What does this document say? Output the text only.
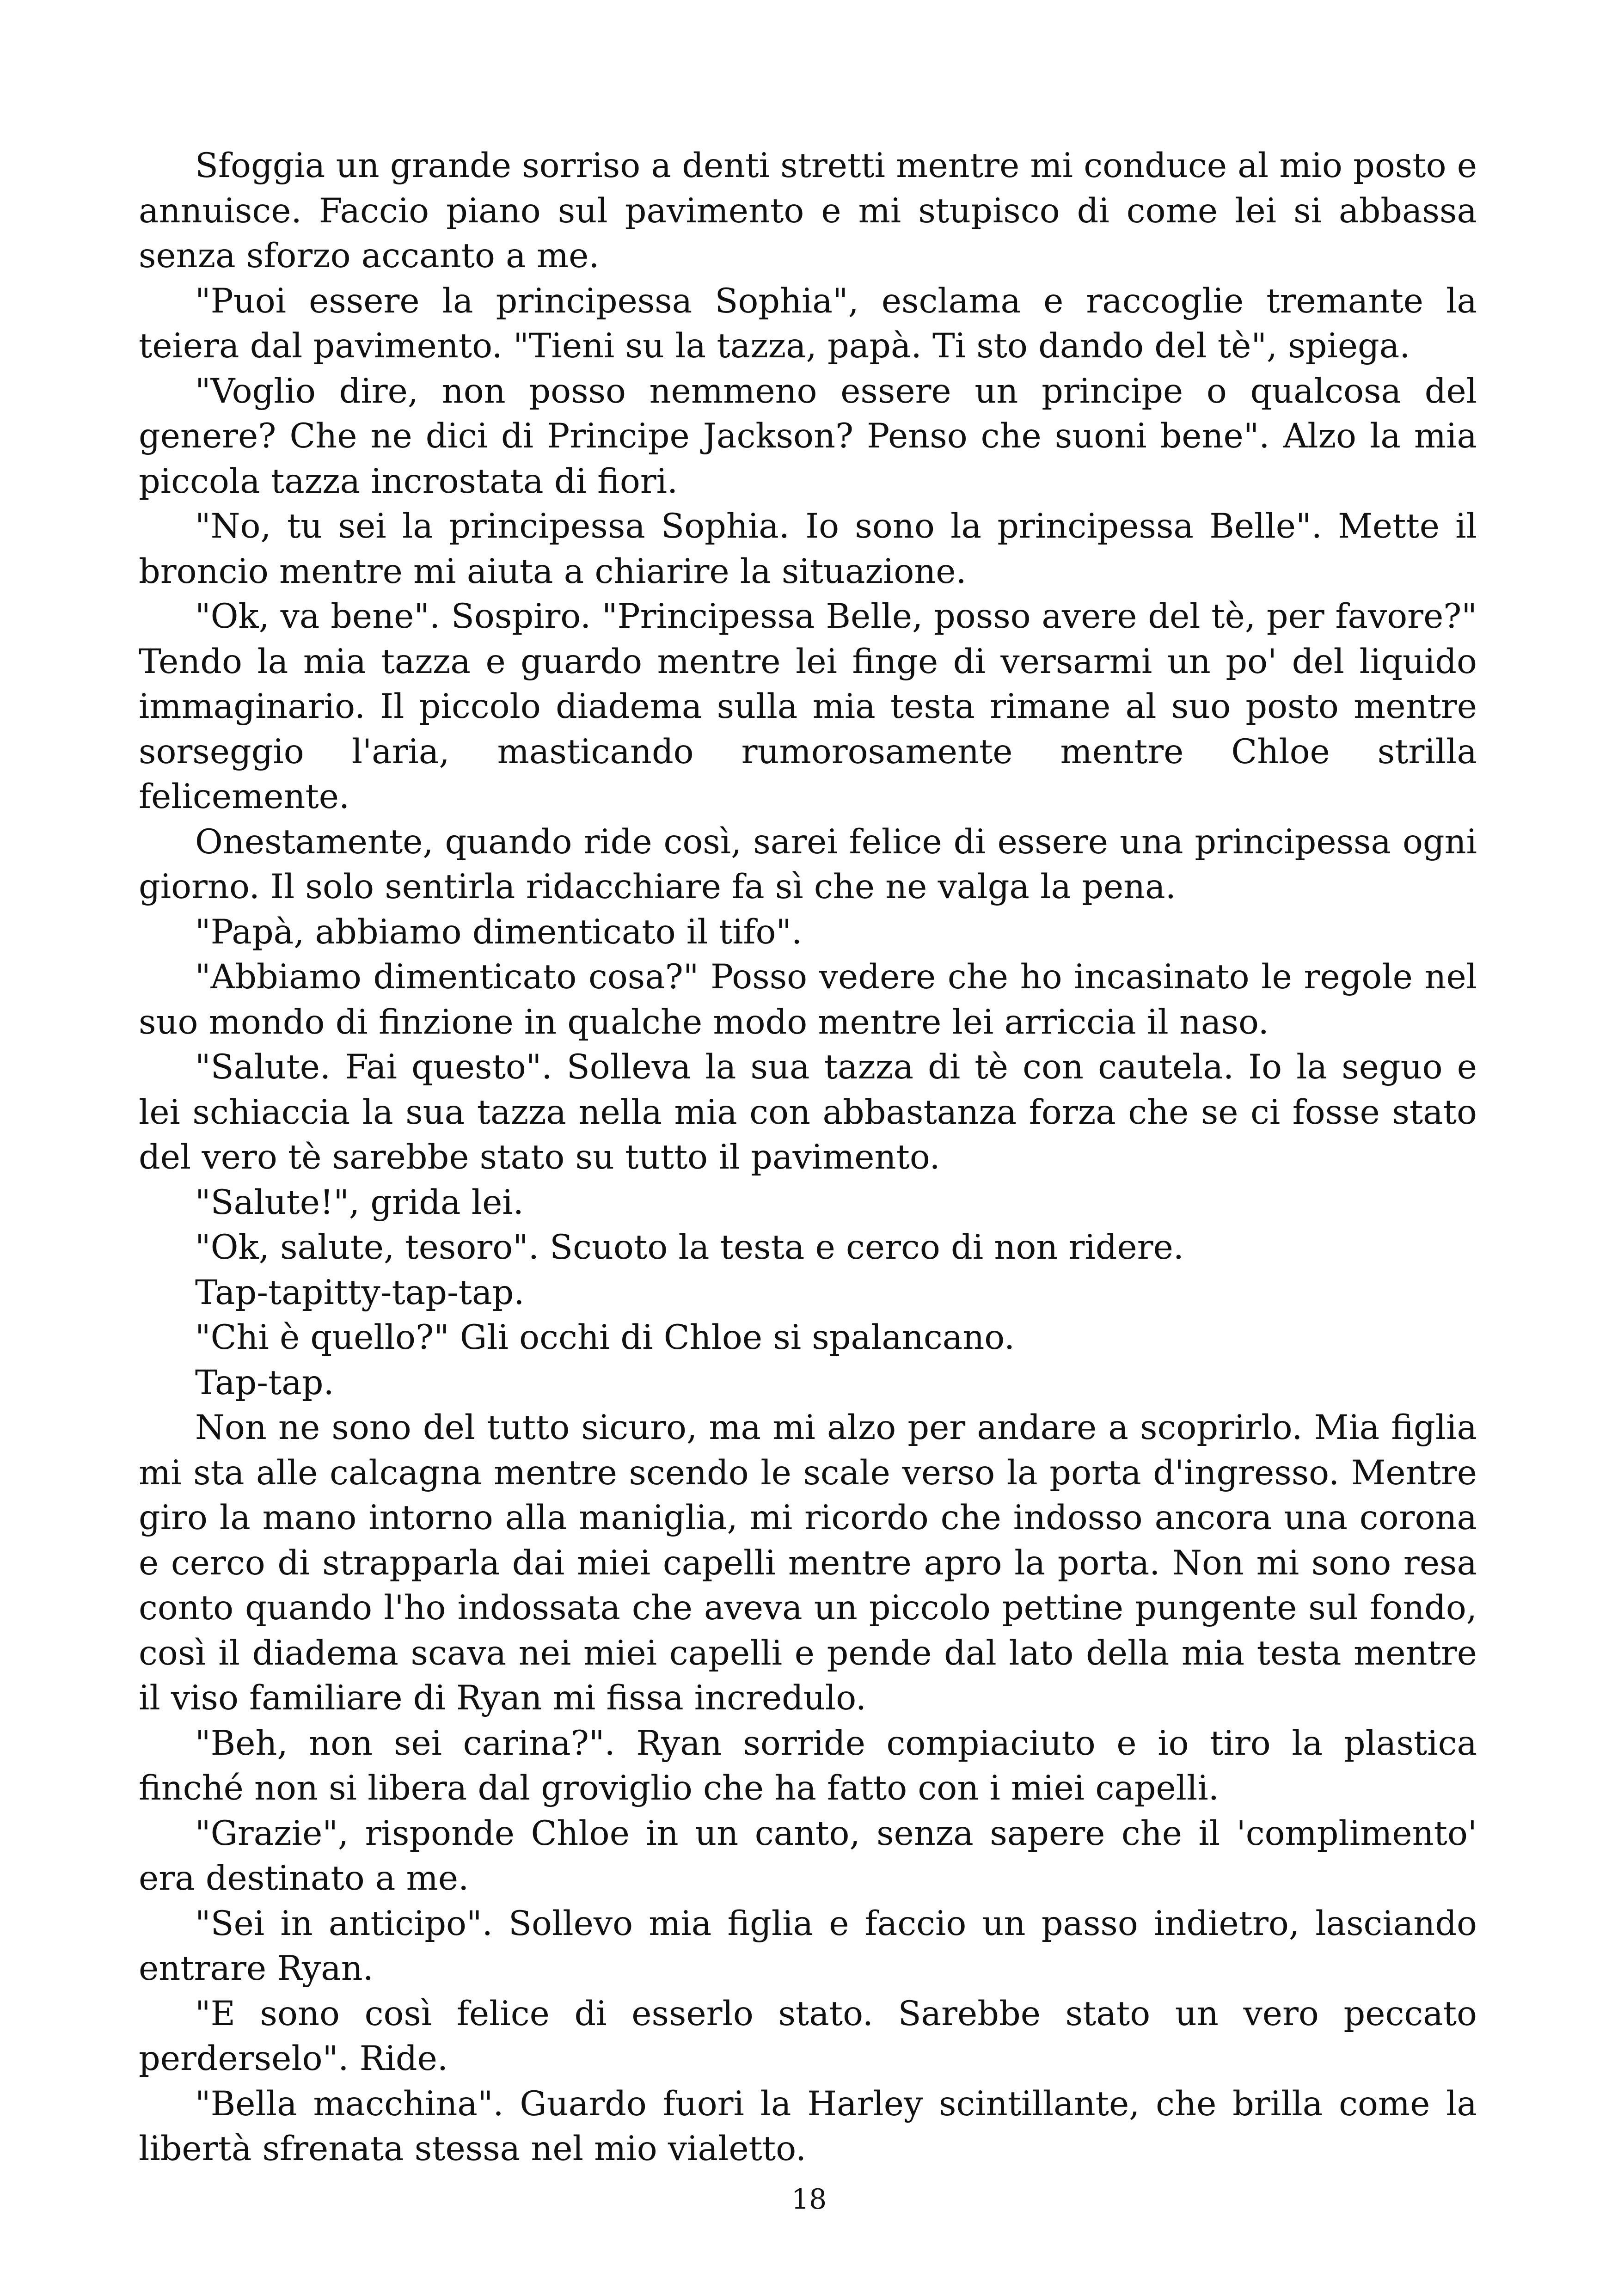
Sfoggia un grande sorriso a denti stretti mentre mi conduce al mio posto e annuisce. Faccio piano sul pavimento e mi stupisco di come lei si abbassa senza sforzo accanto a me.

"Puoi essere la principessa Sophia", esclama e raccoglie tremante la teiera dal pavimento. "Tieni su la tazza, papà. Ti sto dando del tè", spiega.

"Voglio dire, non posso nemmeno essere un principe o qualcosa del genere? Che ne dici di Principe Jackson? Penso che suoni bene". Alzo la mia piccola tazza incrostata di fiori.

"No, tu sei la principessa Sophia. Io sono la principessa Belle". Mette il broncio mentre mi aiuta a chiarire la situazione.

"Ok, va bene". Sospiro. "Principessa Belle, posso avere del tè, per favore?" Tendo la mia tazza e guardo mentre lei finge di versarmi un po' del liquido immaginario. Il piccolo diadema sulla mia testa rimane al suo posto mentre sorseggio l'aria, masticando rumorosamente mentre Chloe strilla felicemente.

Onestamente, quando ride così, sarei felice di essere una principessa ogni giorno. Il solo sentirla ridacchiare fa sì che ne valga la pena.

"Papà, abbiamo dimenticato il tifo".

"Abbiamo dimenticato cosa?" Posso vedere che ho incasinato le regole nel suo mondo di finzione in qualche modo mentre lei arriccia il naso.

"Salute. Fai questo". Solleva la sua tazza di tè con cautela. Io la seguo e lei schiaccia la sua tazza nella mia con abbastanza forza che se ci fosse stato del vero tè sarebbe stato su tutto il pavimento.

"Salute!", grida lei.

"Ok, salute, tesoro". Scuoto la testa e cerco di non ridere.

Tap-tapitty-tap-tap.

"Chi è quello?" Gli occhi di Chloe si spalancano.

Tap-tap.

Non ne sono del tutto sicuro, ma mi alzo per andare a scoprirlo. Mia figlia mi sta alle calcagna mentre scendo le scale verso la porta d'ingresso. Mentre giro la mano intorno alla maniglia, mi ricordo che indosso ancora una corona e cerco di strapparla dai miei capelli mentre apro la porta. Non mi sono resa conto quando l'ho indossata che aveva un piccolo pettine pungente sul fondo, così il diadema scava nei miei capelli e pende dal lato della mia testa mentre il viso familiare di Ryan mi fissa incredulo.

"Beh, non sei carina?". Ryan sorride compiaciuto e io tiro la plastica finché non si libera dal groviglio che ha fatto con i miei capelli.

"Grazie", risponde Chloe in un canto, senza sapere che il 'complimento' era destinato a me.

"Sei in anticipo". Sollevo mia figlia e faccio un passo indietro, lasciando entrare Ryan.

"E sono così felice di esserlo stato. Sarebbe stato un vero peccato perderselo". Ride.

"Bella macchina". Guardo fuori la Harley scintillante, che brilla come la libertà sfrenata stessa nel mio vialetto.

18
